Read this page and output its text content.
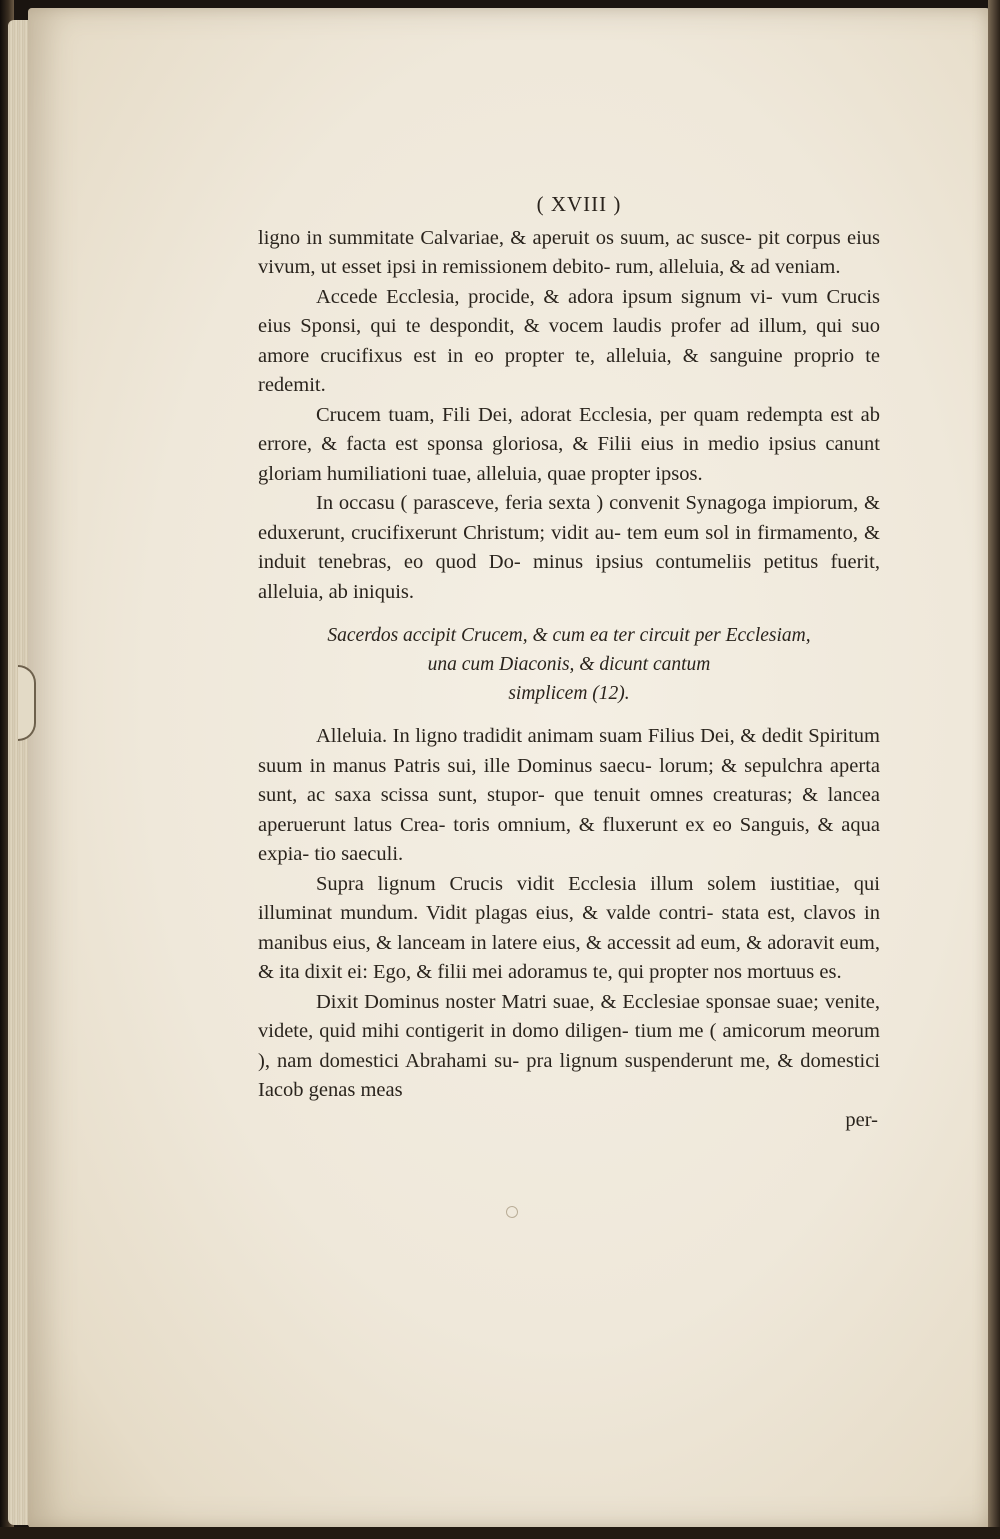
( XVIII )

ligno in summitate Calvariae, & aperuit os suum, ac susce- pit corpus eius vivum, ut esset ipsi in remissionem debito- rum, alleluia, & ad veniam.

Accede Ecclesia, procide, & adora ipsum signum vi- vum Crucis eius Sponsi, qui te despondit, & vocem laudis profer ad illum, qui suo amore crucifixus est in eo propter te, alleluia, & sanguine proprio te redemit.

Crucem tuam, Fili Dei, adorat Ecclesia, per quam redempta est ab errore, & facta est sponsa gloriosa, & Filii eius in medio ipsius canunt gloriam humiliationi tuae, alleluia, quae propter ipsos.

In occasu ( parasceve, feria sexta ) convenit Synagoga impiorum, & eduxerunt, crucifixerunt Christum; vidit au- tem eum sol in firmamento, & induit tenebras, eo quod Do- minus ipsius contumeliis petitus fuerit, alleluia, ab iniquis.

Sacerdos accipit Crucem, & cum ea ter circuit per Ecclesiam,
una cum Diaconis, & dicunt cantum
simplicem (12).

Alleluia. In ligno tradidit animam suam Filius Dei, & dedit Spiritum suum in manus Patris sui, ille Dominus saecu- lorum; & sepulchra aperta sunt, ac saxa scissa sunt, stupor- que tenuit omnes creaturas; & lancea aperuerunt latus Crea- toris omnium, & fluxerunt ex eo Sanguis, & aqua expia- tio saeculi.

Supra lignum Crucis vidit Ecclesia illum solem iustitiae, qui illuminat mundum. Vidit plagas eius, & valde contri- stata est, clavos in manibus eius, & lanceam in latere eius, & accessit ad eum, & adoravit eum, & ita dixit ei: Ego, & filii mei adoramus te, qui propter nos mortuus es.

Dixit Dominus noster Matri suae, & Ecclesiae sponsae suae; venite, videte, quid mihi contigerit in domo diligen- tium me ( amicorum meorum ), nam domestici Abrahami su- pra lignum suspenderunt me, & domestici Iacob genas meas

per-
